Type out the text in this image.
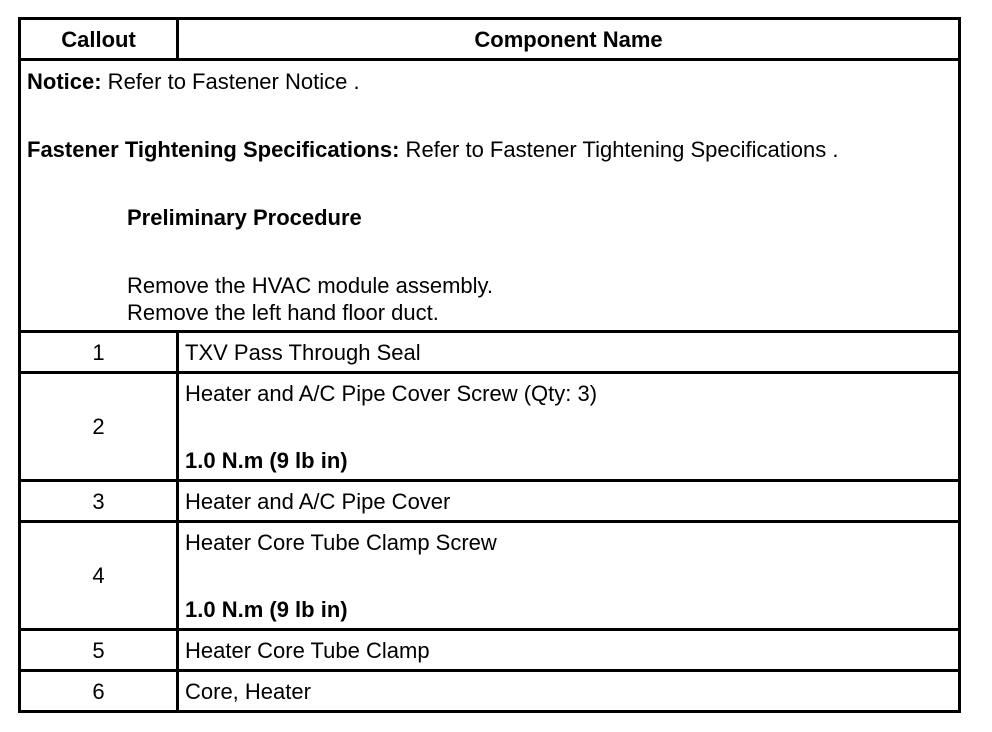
Callout	Component Name

Notice: Refer to Fastener Notice .

Fastener Tightening Specifications: Refer to Fastener Tightening Specifications .

Preliminary Procedure

Remove the HVAC module assembly.

Remove the left hand floor duct.	

1	TXV Pass Through Seal
2	Heater and A/C Pipe Cover Screw (Qty: 3)
1.0 N.m (9 lb in)

3	Heater and A/C Pipe Cover
4	Heater Core Tube Clamp Screw
1.0 N.m (9 lb in)

5	Heater Core Tube Clamp
6	Core, Heater
